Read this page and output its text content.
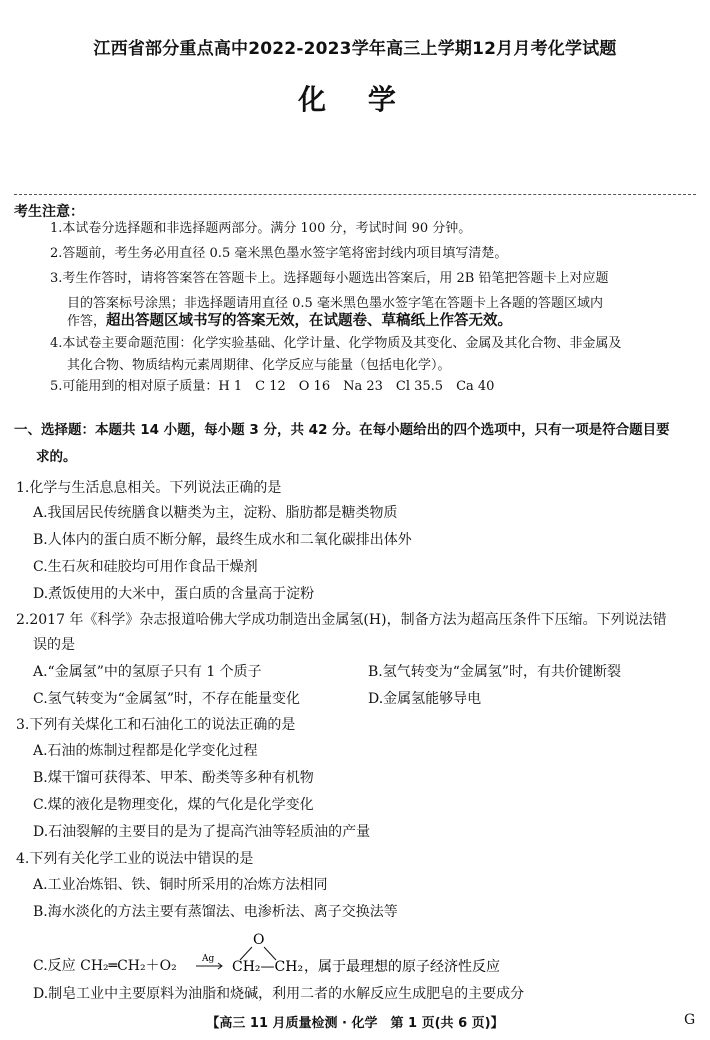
江西省部分重点高中2022-2023学年高三上学期12月月考化学试题
化 学
考生注意：
1.本试卷分选择题和非选择题两部分。满分 100 分，考试时间 90 分钟。
2.答题前，考生务必用直径 0.5 毫米黑色墨水签字笔将密封线内项目填写清楚。
3.考生作答时，请将答案答在答题卡上。选择题每小题选出答案后，用 2B 铅笔把答题卡上对应题
目的答案标号涂黑；非选择题请用直径 0.5 毫米黑色墨水签字笔在答题卡上各题的答题区域内
作答，超出答题区域书写的答案无效，在试题卷、草稿纸上作答无效。
4.本试卷主要命题范围：化学实验基础、化学计量、化学物质及其变化、金属及其化合物、非金属及
其化合物、物质结构元素周期律、化学反应与能量（包括电化学）。
5.可能用到的相对原子质量：H 1　C 12　O 16　Na 23　Cl 35.5　Ca 40
一、选择题：本题共 14 小题，每小题 3 分，共 42 分。在每小题给出的四个选项中，只有一项是符合题目要
求的。
1.化学与生活息息相关。下列说法正确的是
A.我国居民传统膳食以糖类为主，淀粉、脂肪都是糖类物质
B.人体内的蛋白质不断分解，最终生成水和二氧化碳排出体外
C.生石灰和硅胶均可用作食品干燥剂
D.煮饭使用的大米中，蛋白质的含量高于淀粉
2.2017 年《科学》杂志报道哈佛大学成功制造出金属氢(H)，制备方法为超高压条件下压缩。下列说法错
误的是
A.“金属氢”中的氢原子只有 1 个质子	B.氢气转变为“金属氢”时，有共价键断裂
C.氢气转变为“金属氢”时，不存在能量变化	D.金属氢能够导电
3.下列有关煤化工和石油化工的说法正确的是
A.石油的炼制过程都是化学变化过程
B.煤干馏可获得苯、甲苯、酚类等多种有机物
C.煤的液化是物理变化，煤的气化是化学变化
D.石油裂解的主要目的是为了提高汽油等轻质油的产量
4.下列有关化学工业的说法中错误的是
A.工业冶炼铝、铁、铜时所采用的冶炼方法相同
B.海水淡化的方法主要有蒸馏法、电渗析法、离子交换法等
C.反应 CH₂═CH₂＋O₂	Ag
O
CH₂—CH₂ ，属于最理想的原子经济性反应
D.制皂工业中主要原料为油脂和烧碱，利用二者的水解反应生成肥皂的主要成分
【高三 11 月质量检测 · 化学　第 1 页(共 6 页)】	G
